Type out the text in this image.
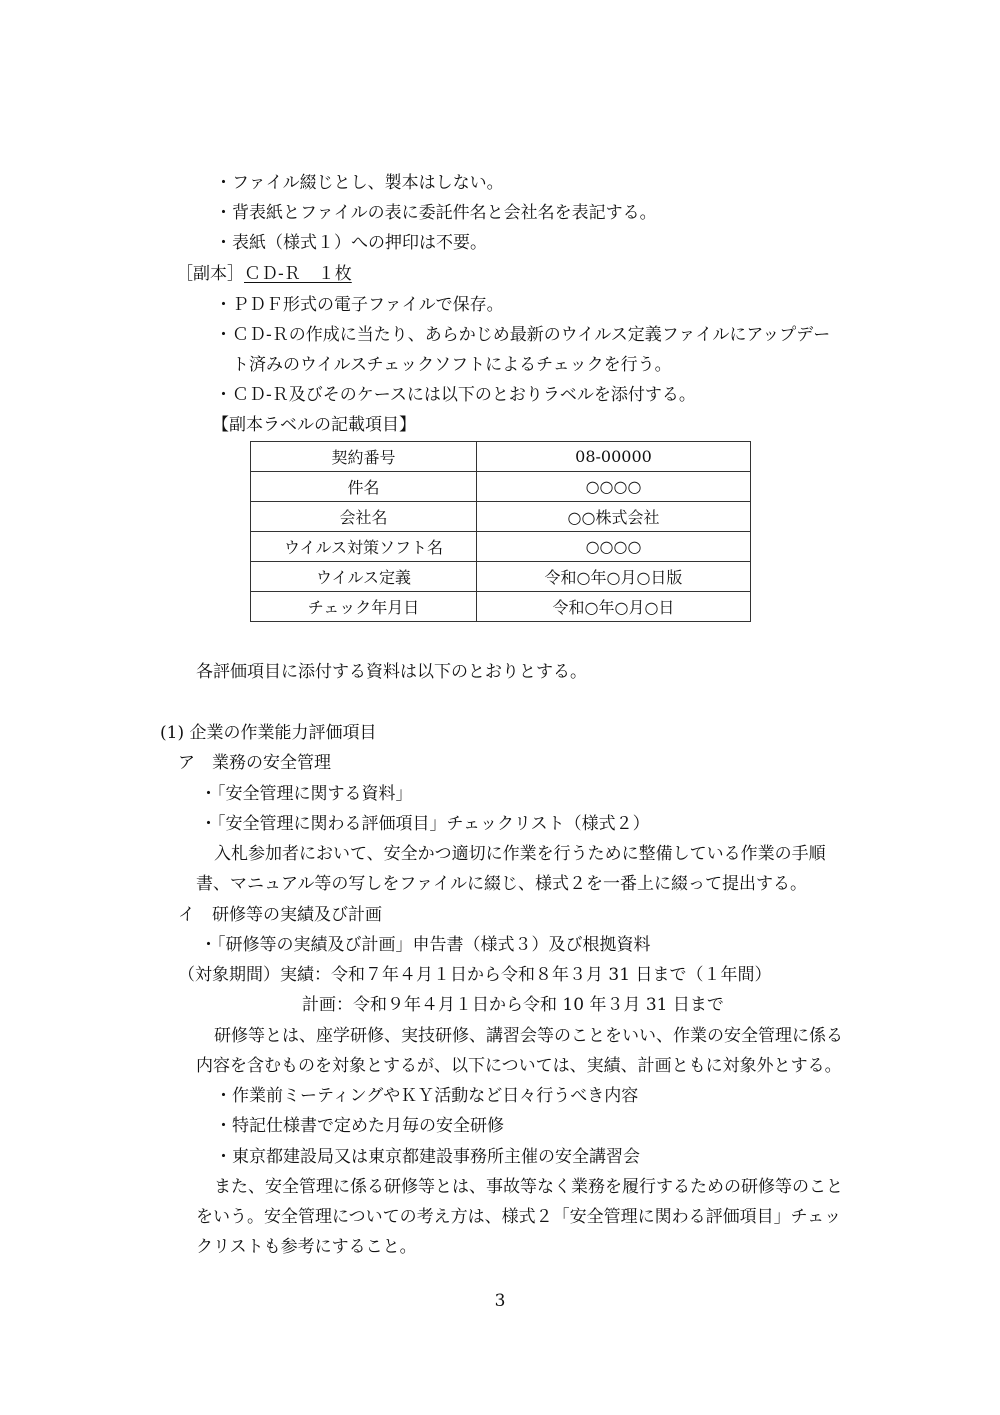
・ファイル綴じとし、製本はしない。
・背表紙とファイルの表に委託件名と会社名を表記する。
・表紙（様式１）への押印は不要。
［副本］ＣＤ-Ｒ　１枚
・ＰＤＦ形式の電子ファイルで保存。
・ＣＤ-Ｒの作成に当たり、あらかじめ最新のウイルス定義ファイルにアップデー
ト済みのウイルスチェックソフトによるチェックを行う。
・ＣＤ-Ｒ及びそのケースには以下のとおりラベルを添付する。
【副本ラベルの記載項目】
契約番号	08-00000
件名	○○○○
会社名	○○株式会社
ウイルス対策ソフト名	○○○○
ウイルス定義	令和○年○月○日版
チェック年月日	令和○年○月○日
各評価項目に添付する資料は以下のとおりとする。
(1) 企業の作業能力評価項目
ア　業務の安全管理
・「安全管理に関する資料」
・「安全管理に関わる評価項目」チェックリスト（様式２）
入札参加者において、安全かつ適切に作業を行うために整備している作業の手順
書、マニュアル等の写しをファイルに綴じ、様式２を一番上に綴って提出する。
イ　研修等の実績及び計画
・「研修等の実績及び計画」申告書（様式３）及び根拠資料
（対象期間）実績：令和７年４月１日から令和８年３月 31 日まで（１年間）
計画：令和９年４月１日から令和 10 年３月 31 日まで
研修等とは、座学研修、実技研修、講習会等のことをいい、作業の安全管理に係る
内容を含むものを対象とするが、以下については、実績、計画ともに対象外とする。
・作業前ミーティングやＫＹ活動など日々行うべき内容
・特記仕様書で定めた月毎の安全研修
・東京都建設局又は東京都建設事務所主催の安全講習会
また、安全管理に係る研修等とは、事故等なく業務を履行するための研修等のこと
をいう。安全管理についての考え方は、様式２「安全管理に関わる評価項目」チェッ
クリストも参考にすること。
3
